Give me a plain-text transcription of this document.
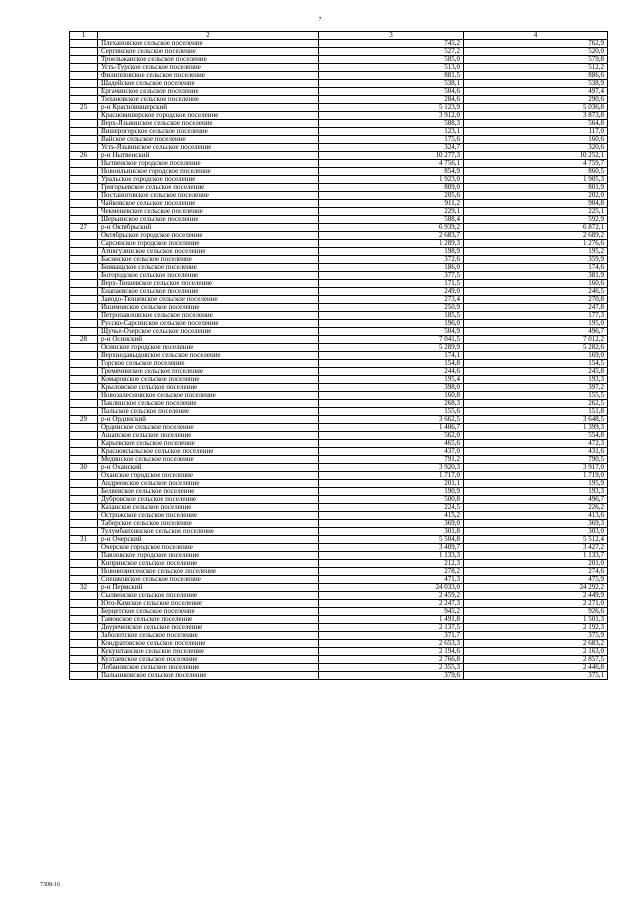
7
1	2	3	4
	Плехановское сельское поселение	745,2	762,9
	Сергинское сельское поселение	527,2	520,0
	Троельжанское сельское поселение	585,0	579,8
	Усть-Турское сельское поселение	513,0	512,2
	Филипповское сельское поселение	881,5	886,6
	Шадейское сельское поселение	538,1	538,9
	Ергачинское сельское поселение	504,6	497,4
	Тихановское сельское поселение	284,6	290,6
25	р-н Красновишерский	5 123,9	5 036,8
	Красновишерское городское поселение	3 912,0	3 873,8
	Верх-Язьвинское сельское поселение	588,3	564,8
	Вишерогорское сельское поселение	123,1	117,0
	Вайское сельское поселение	175,6	160,6
	Усть-Язьвинское сельское поселение	324,7	320,6
26	р-н Нытвенский	10 277,3	10 252,1
	Нытвенское городское поселение	4 756,1	4 759,7
	Новоильинское городское поселение	854,9	860,5
	Уральское городское поселение	1 923,0	1 905,3
	Григорьевское сельское поселение	809,0	801,9
	Постаноговское сельское поселение	205,6	202,0
	Чайковское сельское поселение	911,2	904,8
	Чекменевское сельское поселение	229,1	225,1
	Шерьинское сельское поселение	588,4	592,9
27	р-н Октябрьский	6 939,2	6 872,1
	Октябрьское городское поселение	2 683,7	2 689,2
	Сарсинское городское поселение	1 289,3	1 276,6
	Атнягузинское сельское поселение	198,9	195,2
	Басинское сельское поселение	372,6	359,9
	Бияващское сельское поселение	186,0	174,6
	Богородское сельское поселение	377,5	381,9
	Верх-Тюшевское сельское поселение	171,5	160,6
	Енапаевское сельское поселение	249,0	246,5
	Заводо-Тюшевское сельское поселение	273,4	270,8
	Ишимовское сельское поселение	250,9	247,8
	Петропавловское сельское поселение	185,5	177,3
	Русско-Сарсинское сельское поселение	196,0	195,0
	Щучье-Озерское сельское поселение	504,9	496,7
28	р-н Осинский	7 041,5	7 012,2
	Осинское городское поселение	5 289,9	5 282,6
	Верхнедавыдовское сельское поселение	174,1	169,0
	Горское сельское поселение	154,8	154,5
	Гремячинское сельское поселение	244,6	245,8
	Комаровское сельское поселение	195,4	193,3
	Крыловское сельское поселение	398,0	397,2
	Новозалесновское сельское поселение	160,8	155,5
	Паклинское сельское поселение	268,3	262,5
	Пальское сельское поселение	155,6	151,8
29	р-н Ординский	3 662,5	3 648,5
	Ординское сельское поселение	1 406,7	1 399,3
	Ашапское сельское поселение	562,0	554,8
	Карьевское сельское поселение	465,6	472,3
	Красноясыльское сельское поселение	437,0	431,6
	Медянское сельское поселение	791,2	790,5
30	р-н Оханский	3 920,3	3 917,0
	Оханское городское поселение	1 717,0	1 719,0
	Андреевское сельское поселение	201,1	195,9
	Беляевское сельское поселение	190,9	193,3
	Дубровское сельское поселение	500,8	496,7
	Казанское сельское поселение	224,5	226,2
	Острожское сельское поселение	415,2	413,6
	Таборское сельское поселение	369,0	369,3
	Тулумбаихинское сельское поселение	301,8	303,0
31	р-н Очерский	5 504,8	5 512,4
	Очерское городское поселение	3 409,7	3 427,2
	Павловское городское поселение	1 133,3	1 133,7
	Кипринское сельское поселение	212,3	201,0
	Нововознесенское сельское поселение	278,2	274,6
	Спешковское сельское поселение	471,3	475,9
32	р-н Пермский	24 033,0	24 292,2
	Сылвенское сельское поселение	2 459,2	2 449,9
	Юго-Камское сельское поселение	2 247,3	2 271,0
	Берцетское сельское поселение	945,2	926,6
	Гамовское сельское поселение	1 491,8	1 501,3
	Двуреченское сельское поселение	2 137,5	2 192,3
	Заболотское сельское поселение	371,7	375,9
	Кондратовское сельское поселение	2 653,3	2 683,2
	Кукуштанское сельское поселение	2 194,6	2 163,0
	Култаевское сельское поселение	2 766,8	2 857,5
	Лобановское сельское поселение	2 355,3	2 446,8
	Пальниковское сельское поселение	379,6	375,1
7308-16
